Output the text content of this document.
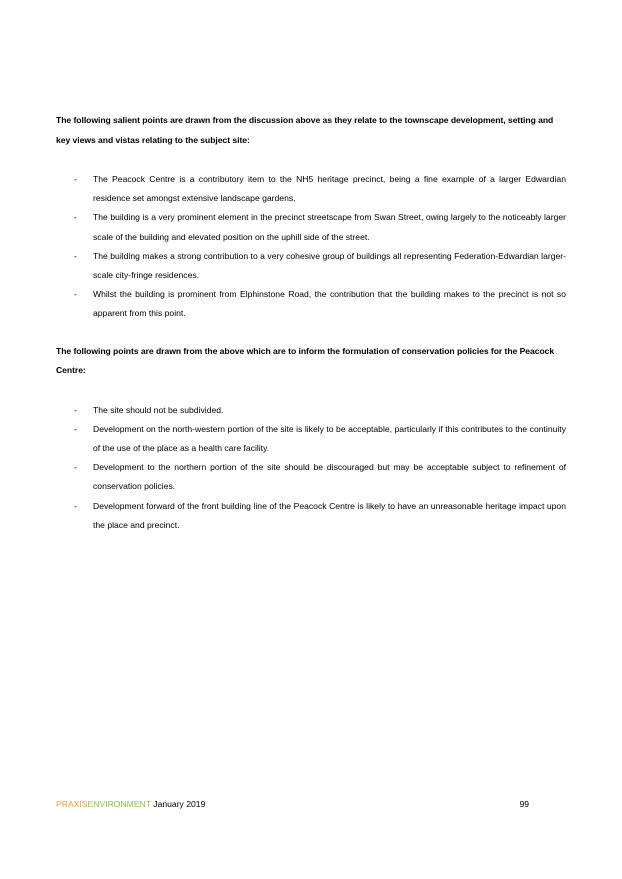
The following salient points are drawn from the discussion above as they relate to the townscape development, setting and key views and vistas relating to the subject site:

- The Peacock Centre is a contributory item to the NH5 heritage precinct, being a fine example of a larger Edwardian residence set amongst extensive landscape gardens.
- The building is a very prominent element in the precinct streetscape from Swan Street, owing largely to the noticeably larger scale of the building and elevated position on the uphill side of the street.
- The building makes a strong contribution to a very cohesive group of buildings all representing Federation-Edwardian larger-scale city-fringe residences.
- Whilst the building is prominent from Elphinstone Road, the contribution that the building makes to the precinct is not so apparent from this point.

The following points are drawn from the above which are to inform the formulation of conservation policies for the Peacock Centre:

- The site should not be subdivided.
- Development on the north-western portion of the site is likely to be acceptable, particularly if this contributes to the continuity of the use of the place as a health care facility.
- Development to the northern portion of the site should be discouraged but may be acceptable subject to refinement of conservation policies.
- Development forward of the front building line of the Peacock Centre is likely to have an unreasonable heritage impact upon the place and precinct.
PRAXISENVIRONMENT January 2019	99
